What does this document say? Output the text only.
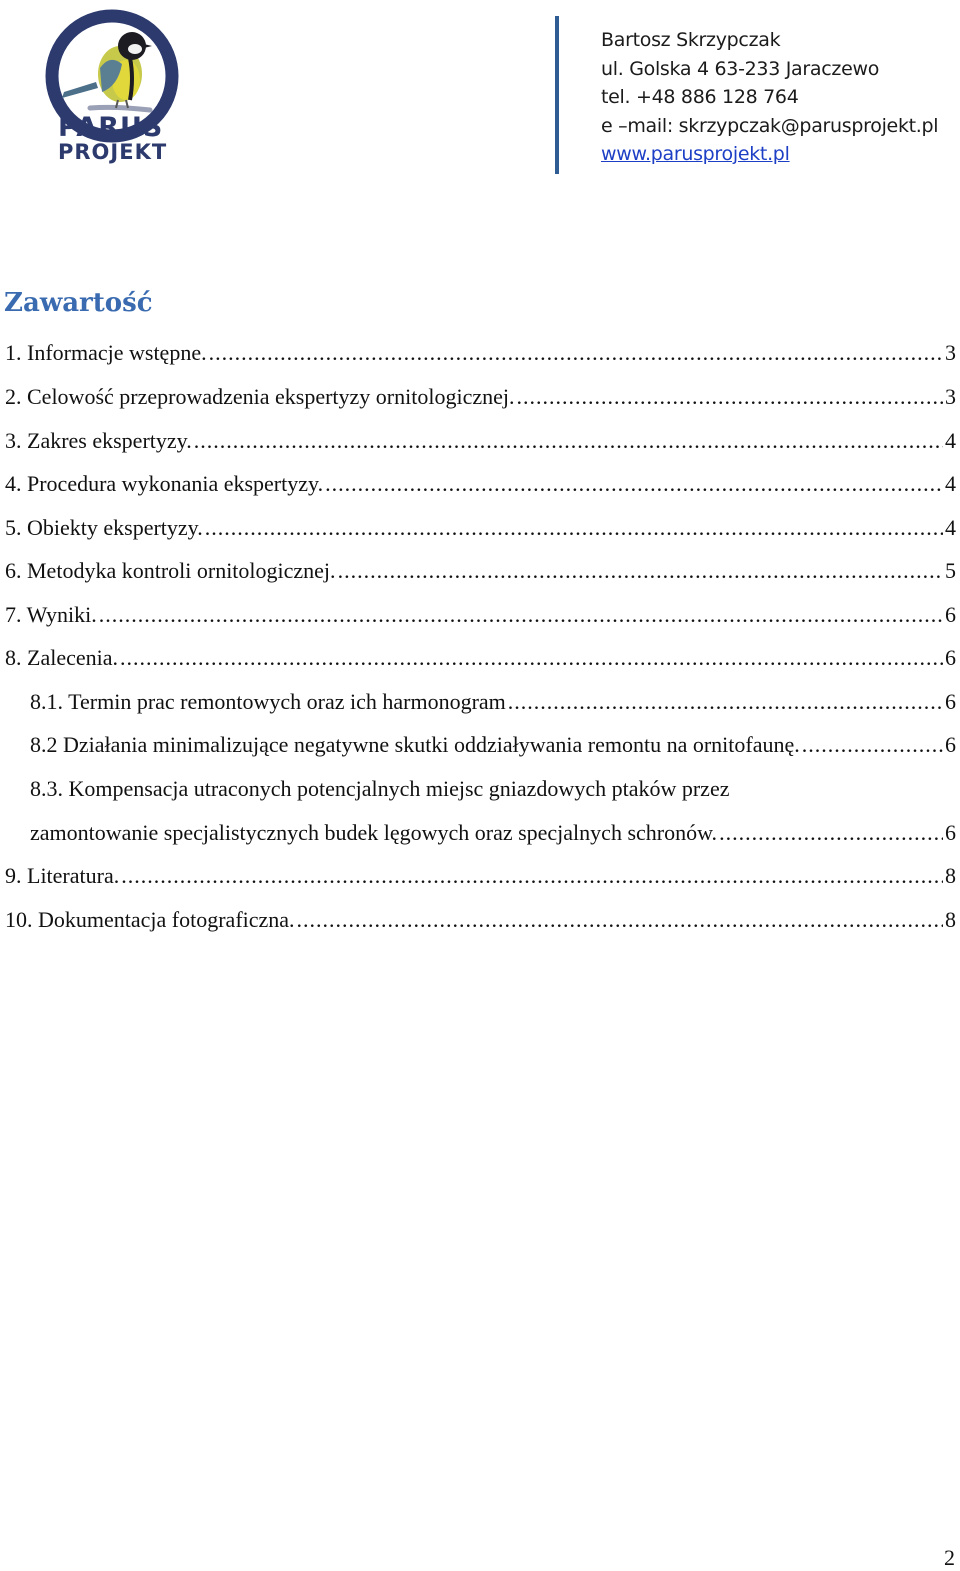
PARUS
PROJEKT
Bartosz Skrzypczak
ul. Golska 4 63-233 Jaraczewo
tel. +48 886 128 764
e –mail: skrzypczak@parusprojekt.pl
www.parusprojekt.pl
Zawartość
1. Informacje wstępne. .....	3
2. Celowość przeprowadzenia ekspertyzy ornitologicznej. .....	3
3. Zakres ekspertyzy. .....	4
4. Procedura wykonania ekspertyzy. .....	4
5. Obiekty ekspertyzy. .....	4
6. Metodyka kontroli ornitologicznej. .....	5
7. Wyniki. .....	6
8. Zalecenia. .....	6
8.1. Termin prac remontowych oraz ich harmonogram .....	6
8.2 Działania minimalizujące negatywne skutki oddziaływania remontu na ornitofaunę. .....	6
8.3. Kompensacja utraconych potencjalnych miejsc gniazdowych ptaków przez
zamontowanie specjalistycznych budek lęgowych oraz specjalnych schronów. .....	6
9. Literatura. .....	8
10. Dokumentacja fotograficzna. .....	8
2
